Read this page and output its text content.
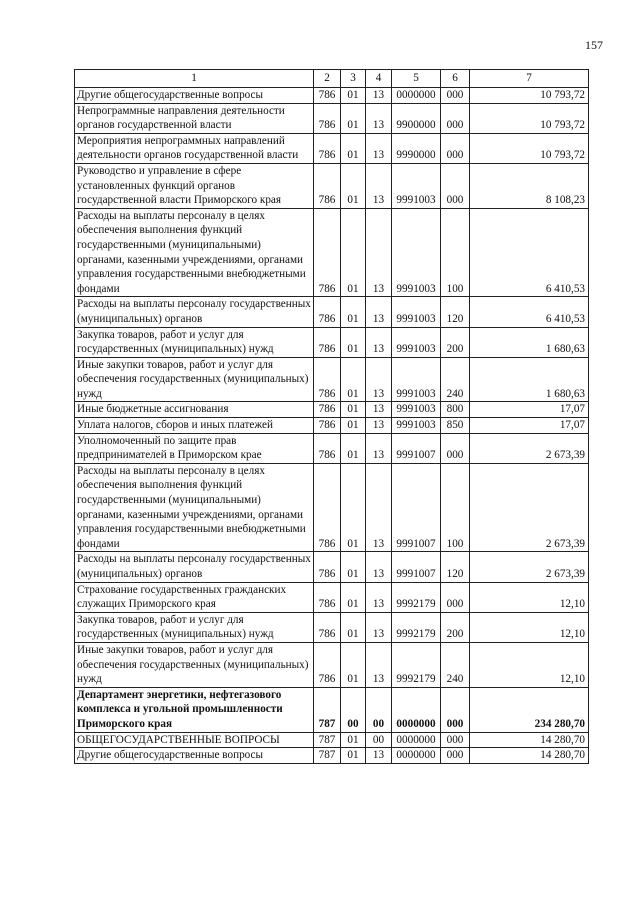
157
1	2	3	4	5	6	7
Другие общегосударственные вопросы	786	01	13	0000000	000	10 793,72
Непрограммные направления деятельности органов государственной власти	786	01	13	9900000	000	10 793,72
Мероприятия непрограммных направлений деятельности органов государственной власти	786	01	13	9990000	000	10 793,72
Руководство и управление в сфере установленных функций органов государственной власти Приморского края	786	01	13	9991003	000	8 108,23
Расходы на выплаты персоналу в целях обеспечения выполнения функций государственными (муниципальными) органами, казенными учреждениями, органами управления государственными внебюджетными фондами	786	01	13	9991003	100	6 410,53
Расходы на выплаты персоналу государственных (муниципальных) органов	786	01	13	9991003	120	6 410,53
Закупка товаров, работ и услуг для государственных (муниципальных) нужд	786	01	13	9991003	200	1 680,63
Иные закупки товаров, работ и услуг для обеспечения государственных (муниципальных) нужд	786	01	13	9991003	240	1 680,63
Иные бюджетные ассигнования	786	01	13	9991003	800	17,07
Уплата налогов, сборов и иных платежей	786	01	13	9991003	850	17,07
Уполномоченный по защите прав предпринимателей в Приморском крае	786	01	13	9991007	000	2 673,39
Расходы на выплаты персоналу в целях обеспечения выполнения функций государственными (муниципальными) органами, казенными учреждениями, органами управления государственными внебюджетными фондами	786	01	13	9991007	100	2 673,39
Расходы на выплаты персоналу государственных (муниципальных) органов	786	01	13	9991007	120	2 673,39
Страхование государственных гражданских служащих Приморского края	786	01	13	9992179	000	12,10
Закупка товаров, работ и услуг для государственных (муниципальных) нужд	786	01	13	9992179	200	12,10
Иные закупки товаров, работ и услуг для обеспечения государственных (муниципальных) нужд	786	01	13	9992179	240	12,10
Департамент энергетики, нефтегазового комплекса и угольной промышленности Приморского края	787	00	00	0000000	000	234 280,70
ОБЩЕГОСУДАРСТВЕННЫЕ ВОПРОСЫ	787	01	00	0000000	000	14 280,70
Другие общегосударственные вопросы	787	01	13	0000000	000	14 280,70
